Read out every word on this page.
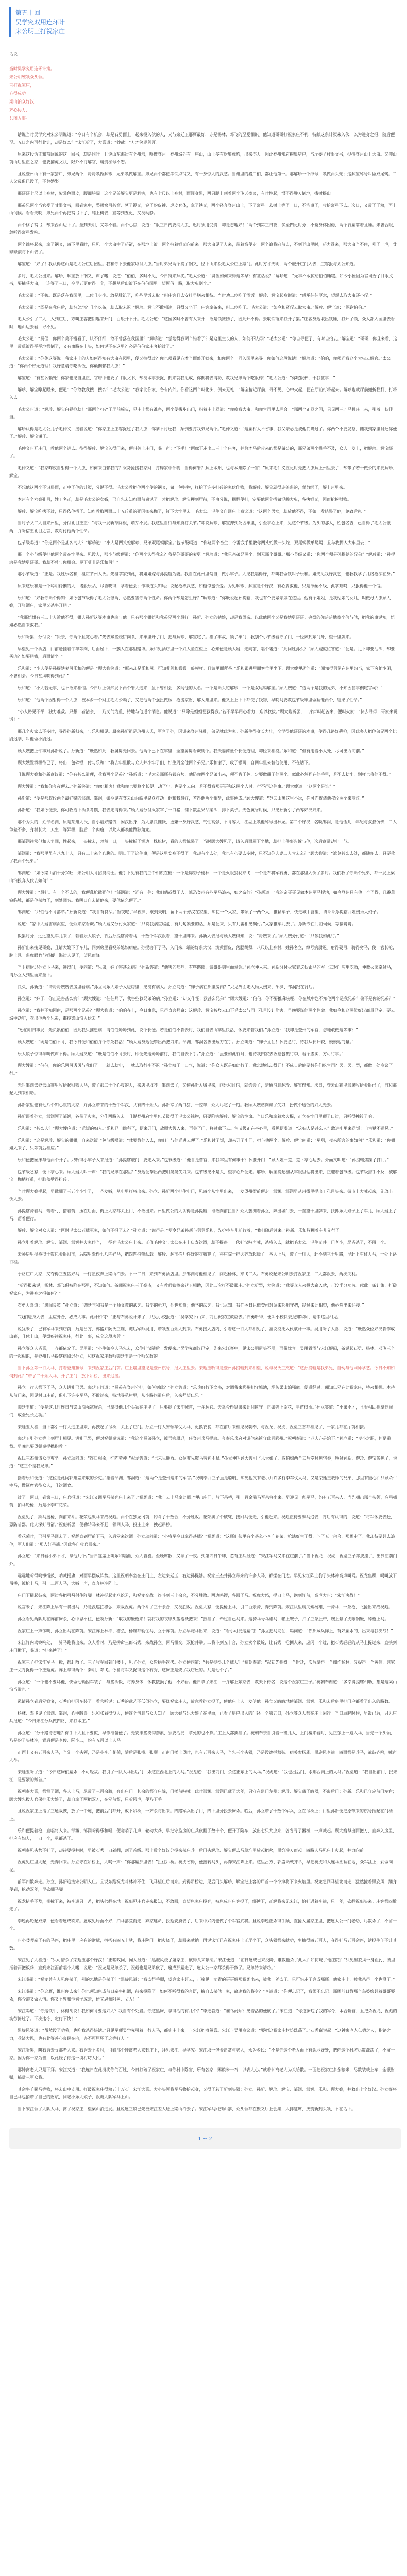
第五十回
吴学究双用连环计
宋公明三打祝家庄
话说……

当时吴学究用连环计策。

宋公明统领众头领。

三打祝家庄，

方得成功。

梁山泊众好汉，

齐心协力，

共图大事。

话说当时吴学究对宋公明说道：“今日有个机会，却是石勇面上一起来投入伙的人，又与栾廷玉那厮最好，亦是杨林、邓飞的至爱相识。他知道哥哥打祝家庄不利，特献这条计策来入伙，以为进身之报，随后便至。五日之内可行此计，却是好么？”宋江听了，大喜道：“妙哉！”方才笑逐颜开。

原来这段话正和前回说的这一回书，却是同时。且说山东海边有个州郡，唤做登州。登州城外有一座山，山上多有豺狼虎豹，出来伤人。因此登州知府拘集猎户，当厅委了杖限文书，捉捕登州山上大虫。又仰山前山后里正之家，也要捕虎文状，限外不行解官，痛责枷号不恕。

且说登州山下有一家猎户，弟兄两个，哥哥唤做解珍，兄弟唤做解宝。弟兄两个都使浑铁点钢叉，有一身惊人的武艺。当州里的猎户们，都让他第一。那解珍一个绰号，唤做两头蛇；这解宝绰号叫做双尾蝎。二人父母俱已没了，不曾婚娶。

那哥哥七尺以上身材，紫棠色面皮，腰细膀阔。这个兄弟解宝更是利害，也有七尺以上身材，面圆身黑，两只腿上刺着两个飞天夜叉，有时性起，恨不得腾天倒地，拔树摇山。

那弟兄两个当官受了甘限文书，回到家中，整顿窝弓药箭、弩子镋叉，穿了豹皮裤、虎皮套体，拿了铁叉，两个径奔登州山上，下了窝弓。去树上等了一日，不济事了，收拾窝弓下去。次日，又带了干粮，再上山伺候。看看天晚，弟兄两个再把窝弓下了，爬上树去，直等到五更，又没动静。

两个移了窝弓，却来西山边下了。坐到天明，又等不着。两个心焦，说道：“限三日内要纳大虫，迟时须用受责，却是怎地好！”两个到第三日夜，伏至四更时分，不觉身体困倦，两个背厮靠着且睡。未曾合眼，忽听得窝弓发响。

两个跳将起来，拿了钢叉，四下里看时，只见一个大虫中了药箭，在那地上滚。两个拈着钢叉向前来。那大虫见了人来，带着箭便走。两个追将向前去，不到半山里时，药力透来，那大虫当不住，吼了一声，骨碌碌滚将下山去了。

解宝道：“好了！我认得这山是毛太公庄后园里。我和你下去他家取讨大虫。”当时弟兄两个提了钢叉，径下山来投毛太公庄上敲门。此时方才天明，两个敲开庄门入去，庄客报与太公知道。

多时，毛太公出来。解珍、解宝放下钢叉，声了喏，说道：“伯伯，多时不见，今日特来拜扰。”毛太公道：“贤侄如何来得这等早？有甚话说？”解珍道：“无事不敢惊动伯伯睡寝。如今小侄因为官司委了甘限文书，要捕获大虫，一连等了三日，今早五更射得一个，不想从后山滚下在伯伯园里。望烦借一路，取大虫则个。”

毛太公道：“不妨。既是落在我园里，二位且少坐。敢是肚饥了，吃些早饭去取。”叫庄客且去安排早膳来相待。当时劝二位吃了酒饭。解珍、解宝起身谢道：“感承伯伯厚意，望烦去取大虫还小侄。”

毛太公道：“既是在我庄后，却怕怎地？且坐吃茶，却去取未迟。”解珍、解宝不敢相违，只得又坐下。庄客拿茶来，叫二位吃了。毛太公道：“如今和贤侄去取大虫。”解珍、解宝道：“深谢伯伯。”

毛太公引了二人，入到庄后，方叫庄客把钥匙来开门，百般开不开。毛太公道：“这园多时不曾有人来开，敢是锁簧锈了，因此开不得。去取铁锤来打开了罢。”庄客身边取出铁锤，打开了锁，众人都入园里去看时，遍山边去看，寻不见。

毛太公道：“贤侄，你两个莫不错看了，认不仔细，敢不曾落在我园里？”解珍道：“恁地得我两个错看了？是这里生长的人，如何不认得？”毛太公道：“你自寻便了，有时自抬去。”解宝道：“哥哥，你且来看，这里一带草滚得平平地都倒了，又有血路在上头，如何说不在这里？必是伯伯家庄客抬过了。”

毛太公道：“你休这等说。我家庄上的人如何得知有大虫在园里，便又抬得过？你也须看见方才当面敲开锁来，和你两个一同入园里来寻。你如何这般说话！”解珍道：“伯伯，你须还我这个大虫去解官。”太公道：“你两个好无道理！我好意请你吃酒饭，你颠倒赖我大虫！”

解宝道：“有甚么赖处！你家也见当里正，官府中也委了甘限文书，却没本事去捉，倒来就我见成，你倒将去请功，教我兄弟两个吃限棒！”毛太公道：“你吃限棒，干我甚事！”

解珍、解宝睁起眼来，便道：“你敢教我搜一搜么？”毛太公道：“我家比你家，各有内外。你看这两个叫化头，倒来无礼！”解宝抢近厅前，寻不见，心中火起，便在厅前打将起来。解珍也就厅前搬折栏杆，打将入去。

毛太公叫道：“解珍、解宝白昼抢劫！”那两个打碎了厅前椅桌，见庄上都有准备，两个便拔步出门，指着庄上骂道：“你赖我大虫，和你官司里去理会！”那两个正骂之间，只见两三匹马投庄上来，引着一伙伴当。

解珍认得是毛太公儿子毛仲义，接着说道：“你家庄上庄客捉过了我大虫，你爹不讨还我，颠倒要打我弟兄两个。”毛仲义道：“这厮村人不省事，我父亲必是被他们瞒过了。你两个不要发怒，随我到家里讨还你便了。”解珍、解宝谢了。

毛仲义叫开庄门，教他两个进去。待得解珍、解宝入得门来，便叫关上庄门，喝一声：“下手！”两廊下走出二三十个庄客，并恰才马后带来的都是做公的，那兄弟两个措手不及，众人一发上，把解珍、解宝绑了。

毛仲义道：“我家昨夜自射得一个大虫，如何来白赖我的？乘势抢掳我家财，打碎家中什物，当得何罪？解上本州，也与本州除了一害！”原来毛仲义五更时先把大虫解上州里去了，却带了若干做公的来捉解珍、解宝。

不想他这两个不识局面，正中了他的计策，分说不得。毛太公教把他两个使的钢叉，做一包赃物，扛抬了许多打碎的家伙什物，将解珍、解宝剥得赤条条的，背剪绑了，解上州里来。

本州有个六案孔目，姓王名正，却是毛太公的女婿，已自先去知府面前禀说了。才把解珍、解宝押到厅前，不由分说，捆翻便打，定要他两个招做混赖大虫，各执钢叉，因而抢掳财物。

解珍、解宝吃拷不过，只得依他招了。知府教取两面二十五斤重的死囚枷来枷了，钉下大牢里去。毛太公、毛仲义自回庄上商议道：“这两个男女，却放他不得，不如一发结果了他，免致后患。”

当时子父二人自来州里，分付孔目王正：“与我一发斩草除根，萌芽不发。我这里自行与知府打关节。”却说解珍、解宝押到死囚牢里，引至亭心上来，见这个节级。为头的那人，姓包名吉，已自得了毛太公银两，并听信王孔目之言，教对付他两个性命。

包节级喝道：“你这两个是甚么鸟人？”解珍道：“小人是两头蛇解珍，兄弟双尾蝎解宝。”包节级喝道：“你这两个畜生！今番我手里教你两头蛇做一头蛇，双尾蝎做单尾蝎！且与我押入大牢里去！”

那一个小节级便把他两个带在牢里来。见没人，那小节级便道：“你两个认得我么？我是你哥哥的妻舅。”解珍道：“我只亲弟兄两个，别无那个哥哥。”那小节级又道：“你两个须是孙提辖的兄弟？”解珍道：“孙提辖是我姑舅哥哥。我却不曾与你相会。足下莫非是乐和舅？”

那小节级道：“正是。我姓乐名和，祖贯茅州人氏。先祖挈家到此，将姐姐嫁与孙提辖为妻。我自在此州里勾当，做小牢子。人见我唱得好，都叫我做铁叫子乐和。姐夫见我好武艺，也教我学了几路枪法在身。”

原来这乐和是一个聪明伶俐的人，诸般乐品，尽皆晓得，学着便会；作事道头知尾；说起枪棒武艺，如糖似蜜价爱。为见解珍、解宝是个好汉，有心要救他，只是单丝不线，孤掌难鸣，只报得他一个信。

乐和道：“好教你两个得知：如今包节级得了毛太公银两，必然要害你两个性命。你两个却是怎生好？”解珍道：“你既说起孙提辖，我也有个要紧亲戚在这里。他有个姐姐，是我姑娘的女儿，叫做母大虫顾大嫂，开张酒店，家里又杀牛开赌。”

“我那姐姐有三二十人近他不得，姐夫孙新这等本事也输与他。只有那个姐姐和我弟兄两个最好。孙新、孙立的姑娘，却是我母亲。以此他两个又是我姑舅哥哥。央烦的你暗暗地寄个信与他，把我的事说知，姐姐必然自来救我。”

乐和听罢，分付说：“贤亲，你两个且宽心着。”先去藏些烧饼肉食，来牢里开了门，把与解珍、解宝吃了。推了事故，锁了牢门，教别个小节级看守了门，一径奔到东门外，望十里牌来。

早望见一个酒店，门前悬挂着牛羊等肉，后面屋下，一簇人在那里赌博。乐和见酒店里一个妇人坐在柜上，心知便是顾大嫂，走向前，唱个喏道：“此间姓孙么？”顾大嫂慌忙答道：“便是。足下却要沽酒，却要买肉？如要赌钱，后面请坐。”

乐和道：“小人便是孙提辖妻舅乐和的便是。”顾大嫂笑道：“原来却是乐和舅。可知尊颜和姆姆一般模样。且请里面拜茶。”乐和跟进里面客位里坐下。顾大嫂便动问道：“闻知得舅舅在州里勾当，家下穷忙少闲，不曾相会。今日甚风吹得到此？”

乐和道：“小人若无事，也不敢来相恼。今日厅上偶然发下两个罪人进来，虽不曾相会，多闻他的大名。一个是两头蛇解珍，一个是双尾蝎解宝。”顾大嫂道：“这两个是我的兄弟，不知因甚事倒吃官司？”

乐和道：“他两个因射得一个大虫，被本乡一个财主毛太公赖了，又把他两个强扭做贼，抢掳家财，解入州里来。他又上上下下都使了钱物，早晚间要教包节级牢里做翻他两个，结果了性命。”

“小人路见不平，独力难救。只想一者沾亲，二乃义气为重，特地与他通个消息。他说道：‘只除是姐姐便救得我。’若不早早用心着力，难以救拔。”顾大嫂听罢，一片声叫起苦来，便叫火家：“快去寻得二哥家来说话！”

那几个火家去不多时，寻得孙新归来，与乐和相见。原来孙新祖是琼州人氏，军官子孙，因调来登州驻扎，弟兄就此为家。孙新生得身长力壮，全学得他哥哥的本事，使得几路好鞭枪，因此多人把他弟兄两个比尉迟恭，叫他做小尉迟。

顾大嫂把上件事对孙新说了。孙新道：“既然如此，教舅舅先回去。他两个已下在牢里，全望舅舅看觑则个。我夫妻商量个长便道理，却径来相投。”乐和道：“但有用着小人处，尽可出力向前。”

顾大嫂置酒相待已了，将出一包碎银，付与乐和：“将去牢里散与众人并小牢子们，好生周全他两个弟兄。”乐和谢了，收了银两，自回牢里来替他使用，不在话下。

且说顾大嫂和孙新商议道：“你有甚么道理，救我两个兄弟？”孙新道：“毛太公那厮有钱有势，他防你两个兄弟出来，须不肯干休，定要做翻了他两个。似此必然死在他手里，若不去劫牢，别样也救他不得。”

顾大嫂道：“我和你今夜便去。”孙新笑道：“你好粗卤！我和你也要算个长便。劫了牢，也要个去向。若不得我那哥哥和这两个人时，行不得这件事。”顾大嫂道：“这两个是谁？”

孙新道：“便是那叔侄两个最好赌的邹渊、邹润，如今见在登云山台峪里聚众打劫。他和我最好，若得他两个相帮，此事便成。”顾大嫂道：“登云山离这里不远，你可连夜请他叔侄两个来商议。”

孙新道：“我如今便去，你可收拾下酒食肴馔，我去定请得来。”顾大嫂分付火家宰了一口猪，铺下数盘果品案酒，排下桌子。天色黄昏时候，只见孙新引了两筹好汉归来。

那个为头的，姓邹名渊，原是莱州人氏，自小最好赌钱，闲汉出身，为人忠良慷慨，更兼一身好武艺，气性高强，不肯容人，江湖上唤他绰号出林龙。第二个好汉，名唤邹润，是他侄儿，年纪与叔叔仿佛，二人争差不多，身材长大，天生一等异相，脑后一个肉瘤，以此人都唤他做独角龙。

那邹润往常但和人争闹，性起来，一头撞去，忽然一日，一头撞折了涧边一株松树，看的人都惊呆了。当时顾大嫂见了，请入后面屋下坐地，却把上件事告诉与他，次后商量劫牢一节。

邹渊道：“我那里虽有八九十人，只有二十来个心腹的。明日干了这件事，便是这里安身不得了。我却有个去处，我也有心要去多时，只不知你夫妻二人肯去么？”顾大嫂道：“遮莫甚么去处，都随你去，只要救了我两个兄弟。”

邹渊道：“如今梁山泊十分兴旺，宋公明大肯招贤纳士。他手下见有我的三个相识在彼：一个是锦豹子杨林，一个是火眼狻猊邓飞，一个是石将军石勇，都在那里入伙了多时。我们救了你两个兄弟，都一发上梁山泊投奔入伙去如何？”

顾大嫂道：“最好。有一个不去的，我便乱枪戳死他！”邹润道：“还有一件：我们倘或得了人，诚恐登州有些军马追来，如之奈何？”孙新道：“我的亲哥哥见做本州军马提辖，如今登州只有他一个了得，几番草寇临城，都是他杀散了，到处闻名。我明日自去请他来，要他依允便了。”

邹渊道：“只怕他不肯落草。”孙新说道：“我自有良法。”当夜吃了半夜酒，歇到天明，留下两个好汉在家里，却使一个火家，带领了一两个人，推辆车子，快走城中营里，请哥哥孙提辖并嫂嫂乐大娘子。

说道：“家中大嫂害病沉重，便烦来家看觑。”顾大嫂又分付火家道：“只说我病重临危，有几句紧要的话，须是便来，只有几番相见嘱付。”火家推车儿去了。孙新专在门前伺候，等接哥哥。

饭罢时分，远远望见车儿来了，载着乐大娘子，背后孙提辖骑着马，十数个军汉跟着，望十里牌来。孙新入去报与顾大嫂得知，说：“哥嫂来了。”顾大嫂分付道：“只依我如此行。”

孙新出来接见哥嫂，且请大嫂下了车儿，同到房里看视弟媳妇病症。孙提辖下了马，入门来，端的好条大汉，淡黄面皮，落腮胡须，八尺以上身材，姓孙名立，绰号病尉迟。射得硬弓，骑得劣马，使一管长枪，腕上悬一条虎眼竹节钢鞭。海边人见了，望风而降。

当下病尉迟孙立下马来，进得门，便问道：“兄弟，婶子害甚么病？”孙新答道：“他害的病症，有些跷蹊，请哥哥到里面说话。”孙立便入来。孙新分付火家着这伙跟马的军士去对门店里吃酒，便教火家牵过马，请孙立入到里面来坐下。

良久，孙新道：“请哥哥嫂嫂去房里看病。”孙立同乐大娘子入进房里，见没有病人。孙立问道：“婶子病在那里房内？”只见外面走入顾大嫂来，邹渊、邹润跟在背后。

孙立道：“婶子，你正是害甚么病？”顾大嫂道：“伯伯拜了，我害些救兄弟的病。”孙立道：“却又作怪！救甚么兄弟？”顾大嫂道：“伯伯，你不要推聋装哑，你在城中岂不知他两个是我兄弟？偏不是你的兄弟？”

孙立道：“我并不知因由，是那两个兄弟？”顾大嫂道：“伯伯在上，今日事急，只得直言拜禀：这解珍、解宝被登云山下毛太公与同王孔目设计陷害，早晚要谋他两个性命。我如今和这两位好汉商量已定，要去城中劫牢，救出他两个兄弟，都投梁山泊入伙去。”

“恐怕明日事发，先负累伯伯，因此我只推患病，请伯伯姆姆到此，说个长便。若是伯伯不肯去时，我们自去山寨里快活，休要来管我们。”孙立道：“我却是登州的军官，怎地敢做这等事？”

顾大嫂道：“既是伯伯不肯，我今日便和伯伯并个你死我活！”顾大嫂身边便掣出两把刀来。邹渊、邹润各拔出短刀在手。孙立叫道：“婶子且住！休要急行，待我从长计较，慢慢地商量。”

乐大娘子惊得半晌做声不得。顾大嫂又道：“既是伯伯不肯去时，即便先送姆姆前行，我们自去下手。”孙立道：“虽要如此行时，也待我归家去收拾包裹行李，看个虚实，方可行事。”

顾大嫂道：“伯伯，你的乐阿舅透风与我们了。一就去劫牢，一就去取行李不迟。”孙立叹了一口气，说道：“你众人既是如此行了，我怎地推却得开！不成日后倒要替你们吃官司？罢，罢，罢，都做一处商议了行。”

先叫邹渊去登云山寨里收拾起财物人马，带了那二十个心腹的人，来店里取齐。邹渊去了，又使孙新入城里来，问乐和讨信，就约会了，暗通消息解珍、解宝得知。次日，登云山寨里邹渊收拾金银已了，自和那起人到来相助。

孙新家里也有七八个知心腹的火家，并孙立带来的十数个军汉，共有四十余人。孙新宰了两口猪、一腔羊，众人尽吃了一饱。教顾大嫂贴肉藏了尖刀，扮做个送饭的妇人先去。

孙新跟着孙立，邹渊领了邹润，各带了火家，分作两路入去。且说登州府牢里包节级得了毛太公钱物，只要陷害解珍、解宝的性命。当日乐和拿着水火棍，正立在牢门里狮子口边，只听得拽铃子响。

乐和道：“甚么人？”顾大嫂应道：“送饭的妇人。”乐和已自瞧科了，便来开门，放顾大嫂入来，再关了门，将过廊下去。包节级正在亭心里，看见便喝道：“这妇人是甚么人？敢进牢里来送饭！自古狱不通风。”

乐和道：“这是解珍、解宝的姐姐，自来送饭。”包节级喝道：“休要教他入去，你们自与他送进去便了。”乐和讨了饭，却来开了牢门，把与他两个。解珍、解宝问道：“舅舅，夜来所言的事如何？”乐和道：“你姐姐入来了，只等前后相应。”

乐和便把匣床与他两个开了。只听得小牢子入来报道：“孙提辖敲门，要走入来。”包节级道：“他自是营官，来我牢里有何事干？休要开门！”顾大嫂一踅，踅下亭心边去。外面又叫道：“孙提辖焦躁了打门。”

包节级忿怒，便下亭心来。顾大嫂大叫一声：“我的兄弟在那里？”身边便掣出两把明晃晃尖刀来。包节级见不是头，望亭心外便走。解珍、解宝提起枷从牢眼里钻将出来，正迎着包节级。包节级措手不及，被解宝一枷梢打重，把脑盖劈得粉碎。

当时顾大嫂手起，早戳翻了三五个小牢子，一齐发喊，从牢里打将出来。孙立、孙新两个把住牢门，见四个从牢里出来，一发望州衙前便走。邹渊、邹润早从州衙里提出王孔目头来。街市上大喊起来，先放出一伙人去。

孙提辖骑着马，弯着弓，搭着箭，压在后面，街上人家都关上门，不敢出来。州里做公的人认得是孙提辖，谁敢向前拦当？众人簇拥着孙立，奔出城门去，一直望十里牌来，扶搀乐大娘子上了车儿，顾大嫂上了马，帮着便行。

解珍、解宝对众人道：“叵耐毛太公老贼冤家，如何不报了去？”孙立道：“说得是。”便令兄弟孙新与舅舅乐和，先护持车儿前行着，“我们随后赶来。”孙新、乐和簇拥着车儿先行了。

孙立引着解珍、解宝、邹渊、邹润并火家伴当，一径奔毛太公庄上来。正值毛仲义与太公在庄上庆寿饮酒，却不提备。一伙好汉呐声喊，杀将入去，就把毛太公、毛仲义并一门老小，尽皆杀了，不留一个。

去卧房里搜检得十数包金银财宝，后院里牵得七八匹好马，把四匹捎带驮载。解珍、解宝拣几件好的衣服穿了，将庄院一把火齐放起烧了。各人上马，带了一行人，赶不到三十里路，早赶上车仗人马，一处上路行程。

于路庄户人家，又夺得三五匹好马，一行星夜奔上梁山泊去。不一二日，来到石勇酒店里。那邹渊与他相见了，问起杨林、邓飞二人。石勇说起宋公明去打祝家庄，二人都跟去，两次失利。

“听得报来说，杨林、邓飞俱被陷在那里，不知如何。备闻祝家庄三子豪杰，又有教师铁棒栾廷玉相助，因此二次打不破那庄。”孙立听罢，大笑道：“我等众人来投大寨入伙，正没半分功劳。献此一条计策，打破祝家庄，为进身之报如何？”

石勇大喜道：“愿闻良策。”孙立道：“栾廷玉和我是一个师父教的武艺。我学的枪刀，他也知道；他学的武艺，我也尽知。我们今日只做登州对调来郓州守把，经过来此相望，他必然出来迎接。”

“我们进身入去，里应外合，必成大事。此计如何？”正与石勇说计未了，只见小校报道：“吴学究下山来，前往祝家庄救应去。”石勇听得，便叫小校快去报知军师，请来这里相见。

说犹未了，已有军马来到店前，乃是吕方、郭盛并阮氏三雄，随后军师吴用，带领五百余人到来。石勇接入店内，引着这一行人都相见了，备说投托入伙献计一事。吴用听了大喜，说道：“既然众位好汉肯作成山寨，且休上山，便烦疾往祝家庄，行此一事，成全这段功劳。”

孙立等众人皆喜，一齐都依允了。吴用道：“小生如今人马先去，众位好汉随后一发便来。”吴学究商议已定，先来宋江寨中，见宋公明眉头不展，面带忧容。吴用置酒与宋江解闷，备说起石勇、杨林、邓飞三个的一起相识，是登州兵马提辖病尉迟孙立，和这祝家庄教师栾廷玉是一个师父教的。

当下孙立等一行人马，打着登州旗号，来到祝家庄后门前。庄上墙里望见是登州旗号，报入庄里去。栾廷玉听得是登州孙提辖到来相望，说与祝氏三杰道：“这孙提辖是我弟兄，自幼与他同师学艺。今日不知如何到此？”带了二十余人马，开了庄门，放下吊桥，出来迎接。

孙立一行人都下了马，众人讲礼已罢。栾廷玉问道：“贤弟在登州守把，如何到此？”孙立答道：“总兵府行下文书，对调我来郓州把守城池，堤防梁山泊强寇。便道经过，闻知仁兄在此祝家庄，特来相探。本待从前门来，因见村口庄前，俱屯下许多军马，不敢过来，特地寻觅村里，从小路问道庄后，入来拜望仁兄。”

栾廷玉道：“便是这几时连日与梁山泊强寇厮杀，已拿得他几个头领在庄里了。只要捉了宋江贼首，一并解官。天幸今得贤弟来此间镇守。正如锦上添花，旱苗得雨。”孙立笑道：“小弟不才，且看相助捉拿这厮们，成全兄长之功。”

栾廷玉大喜，当下都引一行人进庄里来，再拽起了吊桥，关上了庄门。孙立一行人安顿车仗人马，更换衣裳，都在前厅来相见祝朝奉，与祝龙、祝虎、祝彪三杰都相见了，一家儿都在厅前相接。

栾廷玉引孙立等上到厅上相见。讲礼已罢，便对祝朝奉说道：“我这个贤弟孙立，绰号病尉迟，任登州兵马提辖。今奉总兵府对调他来镇守此间郓州。”祝朝奉道：“老夫亦是治下。”孙立道：“卑小之职，何足道哉。早晚也要望朝奉提携指教。”

祝氏三杰相请众位尊坐。孙立动问道：“连日相杀，征阵劳神。”祝龙答道：“也未见胜败。众位尊兄鞍马劳神不易。”孙立便叫顾大嫂引了乐大娘子、叔伯姆两个去后堂拜见宅眷；唤过孙新、解珍、解宝参见了，说道：“这三个是我兄弟。”

指着乐和便道：“这位是此间郓州差来取的公吏。”指着邹渊、邹润道：“这两个是登州送来的军官。”祝朝奉并三子虽是聪明，却见他又有老小并许多行李车仗人马，又是栾廷玉教师的兄弟，那里有疑心？只顾杀牛宰马，做筵席管待众人，且饮酒食。

过了一两日，到第三日，庄兵报道：“宋江又调军马杀奔庄上来了。”祝彪道：“我自去上马拿此贼。”便出庄门，放下吊桥，引一百余骑马军杀将出来。早迎见一彪军马，约有五百来人。当先拥出那个头领，弯弓插箭，拍马轮枪，乃是小李广花荣。

祝彪见了，跃马挺枪，向前来斗。花荣也纵马来战祝彪。两个在独龙冈前，约斗了十数合，不分胜败。花荣卖了个破绽，拨回马便走，引他赶来。祝彪正待要纵马追去，背后有认得的，说道：“将军休要去赶，恐防暗器。此人深好弓箭。”祝彪听罢，便勒转马来不赶，领回人马，投庄上来，拽起吊桥。

看花荣时，已引军马回去了。祝彪直到厅前下马，入后堂来饮酒。孙立动问道：“小将军今日拿得甚贼？”祝彪道：“这厮们伙里有个甚么小李广花荣，枪法好生了得，斗了五十余合，那厮走了。我却待要赶去追他，军人们道：‘那人好弓箭。’因此各自收兵回来。”

孙立道：“来日看小弟不才，拿他几个。”当日筵席上叫乐和唱曲，众人皆喜。至晚席散，又歇了一夜。到第四日午牌，忽有庄兵报道：“宋江军马又来在庄前了。”当下祝龙、祝虎、祝彪三子都披挂了，出到庄前门外。

远远地听得鸣锣擂鼓，呐喊摇旗，对面早摆成阵势。这里祝朝奉坐在庄门上，左边栾廷玉，右边孙提辖。祝家三杰并孙立带来的许多人马，都摆在门边。早见宋江阵上豹子头林冲高声叫骂。祝龙焦躁，喝叫放下吊桥，绰枪上马，引一二百人马，大喊一声，直奔林冲阵上。

庄门下擂起鼓来，两边各把弓弩射住阵脚。林冲挺起丈八蛇矛，和祝龙交战。连斗到三十余合，不分胜败。两边鸣锣，各回了马。祝虎大怒，提刀上马，跑到阵前，高声大叫：“宋江决战！”

说言未了，宋江阵上早有一将出马，乃是没遮拦穆弘，来战祝虎。两个斗了三十余合，又没胜败。祝彪大怒，便提枪上马，引二百余骑，奔到阵前。宋江队里病关索杨雄，一骑马，一条枪，飞抢出来战祝彪。

孙立看见两队儿在阵前厮杀，心中忍不住，便唤孙新：“取我的鞭枪来！就将我的衣甲头盔袍袄把来！”披挂了，牵过自己马来。这骑马号乌骓马，鞴上鞍子，扣了三条肚带，腕上悬了虎眼钢鞭，绰枪上马。

祝家庄上一声锣响，孙立出马在阵前。宋江阵上林冲、穆弘、杨雄都勒住马，立于阵前。孙立早跑马出来，说道：“看小可捉这厮们！”孙立把马兜住，喝问道：“你那贼兵阵上，有好厮杀的，出来与我决战！”

宋江阵内鸾铃响处，一骑马跑将出来。众人看时，乃是拚命三郎石秀，来战孙立。两马相交，双枪并举。二将斗到五十合，孙立卖个破绽，让石秀一枪搠入来，虚闪一个过，把石秀轻轻的从马上捉过来，直挟到庄门撇下，喝道：“把来缚了！”

祝家三子把宋江军马一搅，都赶散了。三子收军回到门楼下，见了孙立，众皆拱手钦伏。孙立便问道：“共是捉得几个贼人？”祝朝奉道：“起初先捉得一个时迁，次后拿得一个细作杨林，又捉得一个黄信，扈家庄一丈青捉得一个王矮虎。阵上拿得两个：秦明、邓飞。今番将军又捉得这个石秀，这厮正是烧了我店屋的。共是七个了。”

孙立道：“一个也不要坏他，快做七辆囚车装了，与些酒饭，将养身体，休教饿损了他，不好看。他日拿了宋江，一并解上东京去，教天下传名，说这个祝家庄三子。”祝朝奉谢道：“多幸得提辖相助，想是这梁山泊当败也。”

邀请孙立到后堂筵宴，石秀自把囚车装了。看官听说：石秀的武艺不低似孙立，要赚祝家庄人，故意教孙立捉了，使他庄上人一发信他。孙立又暗暗地使邹渊、邹润、乐和去后房里把门户都看了出入的路数。

杨林、邓飞见了邹渊、邹润，心中暗喜。乐和张看得没人，便透个消息与众人知了。顾大嫂与乐大娘子在里面，已看了房户出入的门径。至第五日，孙立等众人都在庄上闲行。当日辰牌时候，早饭已后，只见庄兵报道：“今日宋江分兵做四路，来打本庄。”

孙立道：“分十路待怎地？你手下人且不要慌，早作准备便了。先安排些挠钩套索，须要活捉，拿死的也不算。”庄上人都披挂了。祝朝奉亲自引着一班儿人，上门楼来看时，见正东上一彪人马，当先一个头领，乃是豹子头林冲，背后便是李俊、阮小二，约有五百以上人马。

正西上又有五百来人马，当先一个头领，乃是小李广花荣，随后是张横、张顺。正南门楼上望时，也有五百来人马，当先三个头领，乃是没遮拦穆弘、病关索杨雄、黑旋风李逵。四面都是兵马，战鼓齐鸣，喊声大举。

栾廷玉听了道：“今日这厮们厮杀，不可轻敌。我引了一队人马出后门，杀这正西北上的人马。”祝龙道：“我出前门，杀这正东上的人马。”祝虎道：“我也出后门，杀那西南上的人马。”祝彪道：“我自出前门，捉宋江，是要紧的贼首。”

祝朝奉大喜，都赏了酒，各人上马，尽带了三百余骑，奔出庄门。其余的都守庄院，门楼前呐喊。此时邹渊、邹润已藏了大斧，只守在监门左侧；解珍、解宝藏了暗器，不离后门；孙新、乐和已守定前门左右；顾大嫂先拨人兵保护乐大娘子，却自拿了两把双刀，在堂前踅，只听风声，便乃下手。

且说祝家庄上擂了三通战鼓，放了一个炮，把前后门都开，放下吊桥，一齐杀将出来。四路军兵出了门，四下里分投去厮杀。临后，孙立带了十数个军兵，立在吊桥上；门里孙新便把原带来的旗号插起在门楼上。

乐和便提着枪，直唱将入来。邹渊、邹润听得乐和唱，便唿哨了几声，轮动大斧，早把守监房的庄兵砍翻了数十个，便开了陷车，放出七只大虫来，各各寻了器械，一声喊起。顾大嫂掣出两把刀，直奔入房里，把应有妇人，一刀一个，尽都杀了。

祝朝奉见头势不好了，却待要投井时，早被石秀一刀剁翻，割了首级。那十数个好汉分投来杀庄兵。后门头解珍、解宝便去马草堆里放起把火，黑焰冲天而起。四路人马见庄上火起，并力向前。

祝虎见庄里火起，先奔回来。孙立守在吊桥上，大喝一声：“你那厮那里去！”拦住吊桥。祝虎省得，便拨转马头，再奔宋江阵上来。这里吕方、郭盛两戟齐举，早把祝虎和人连马搠翻在地，众军乱上，剁做肉泥。

前军四散奔走。孙立、孙新迎接宋公明入庄。且说东路祝龙斗林冲不住，飞马望庄后而来。到得吊桥边，见后门头解珍、解宝把庄客的尸首一个个撺将下来火焰里。祝龙急回马望北而走，猛然撞着黑旋风，踊身便到，抡动双斧，早砍翻马脚。

祝龙措手不及，倒撞下来，被李逵只一斧，把头劈翻在地。祝彪见庄兵走来报知，不敢回，直望扈家庄投奔，被扈成叫庄客捉了，绑缚下，正解将来见宋江，恰好遇着李逵，只一斧，砍翻祝彪头来。庄客都四散走了。

李逵再轮起双斧，便看着扈成砍来。扈成见局面不好，拍马落荒而走，弃家逃命，投延安府去了，后来中兴内也做了个军官武将。且说李逵正杀得手顺，直抢入扈家庄里，把扈太公一门老幼，尽数杀了，不留一个。

叫小喽啰牵了有的马匹，把庄里一应有的财赋，捎搭有四五十驮，将庄院门一把火烧了，却回来献纳。再说宋江已在祝家庄上正厅坐下，众头领都来献功，生擒得四五百人，夺得好马五百余匹，活捉牛羊不计其数。

宋江见了大喜道：“只可惜杀了栾廷玉那个好汉！”正嗟叹间，闻人报道：“黑旋风烧了扈家庄，砍得头来献纳。”宋江便道：“前日扈成已来投降，谁教他杀了此人？如何烧了他庄院？”只见黑旋风一身血污，腰里插着两把板斧，直到宋江面前唱个大喏，说道：“祝龙是兄弟杀了，祝彪也是兄弟砍了，扈成那厮走了，扈太公一家都杀得干净了。兄弟特来请功。”

宋江喝道：“祝龙曾有人见你杀了，别的怎地是你杀了？”黑旋风道：“我砍得手顺，望扈家庄赶去，正撞见一丈青的哥哥解那祝彪出来，被我一斧砍了。只可惜走了扈成那厮。他家庄上，被我杀得一个也没了。”

宋江喝道：“你这厮，谁叫你去来？你也须知扈成前日牵牛担酒，前来投降了。如何不听得我的言语，擅自去杀他一家，故违我的将令？”李逵道：“你便忘记了，我须不忘记。那厮前日教那个鸟婆娘赶着哥哥要杀，你今却又做人情。你又不曾和他妹子成亲，便又思量阿舅、丈人！”

宋江喝道：“你这铁牛，休得胡说！我如何肯要这妇人？我自有个处置。你这黑厮，拿得活的有几个？”李逵答道：“谁鸟耐烦？见着活的便砍了。”宋江道：“你这厮违了我的军令，本合斩首，且把杀祝龙、祝彪的功劳折过了。下次违令，定行不饶！”

黑旋风笑道：“虽然没了功劳，也吃我杀得快活。”只见军师吴学究引着一行人马，都到庄上来，与宋江把盏贺喜。宋江与吴用商议道：“要把这祝家庄村坊洗荡了。”石秀禀说起：“这钟离老人仁德之人，指路之力，救济大恩，也有此等善心良民在内，亦不可屈坏了这等好人。”

宋江听罢，叫石秀去寻那老人来。石秀去不多时，引着那个钟离老人来到庄上，拜见宋江、吴学究。宋江取一包金帛赏与老人，永为乡民：“不是你这个老人面上有恁地好处，把你这个村坊尽数洗荡了，不留一家。因为你一家为善，以此饶了你这一境村坊人民。”

那钟离老人只是下拜。宋江又道：“我连日在此搅扰你们百姓，今日打破了祝家庄，与你村中除害，所有各家，赐粮米一石，以表人心。”就着钟离老人为头给散。一面把祝家庄多余粮米，尽数装载上车，金银财赋，犒赏三军众将。

其余牛羊骡马等物，将去山中支用。打破祝家庄得粮五十万石。宋江大喜。大小头领将军马收拾起身，又得了若干新到头领：孙立、孙新、解珍、解宝、邹渊、邹润、乐和、顾大嫂，并救出七个好汉。孙立等将自己马也捎带了自己的财赋，同老小乐大娘子，跟随大队军马上山。

当下宋江领了大队人马，离了祝家庄，望梁山泊进发。且说扈三娘已先被宋江差人送上梁山泊去了。宋江军马回到山寨，众头领都在聚义厅上会集，大排筵席，庆贺新到头领，不在话下。

1 ~ 2
